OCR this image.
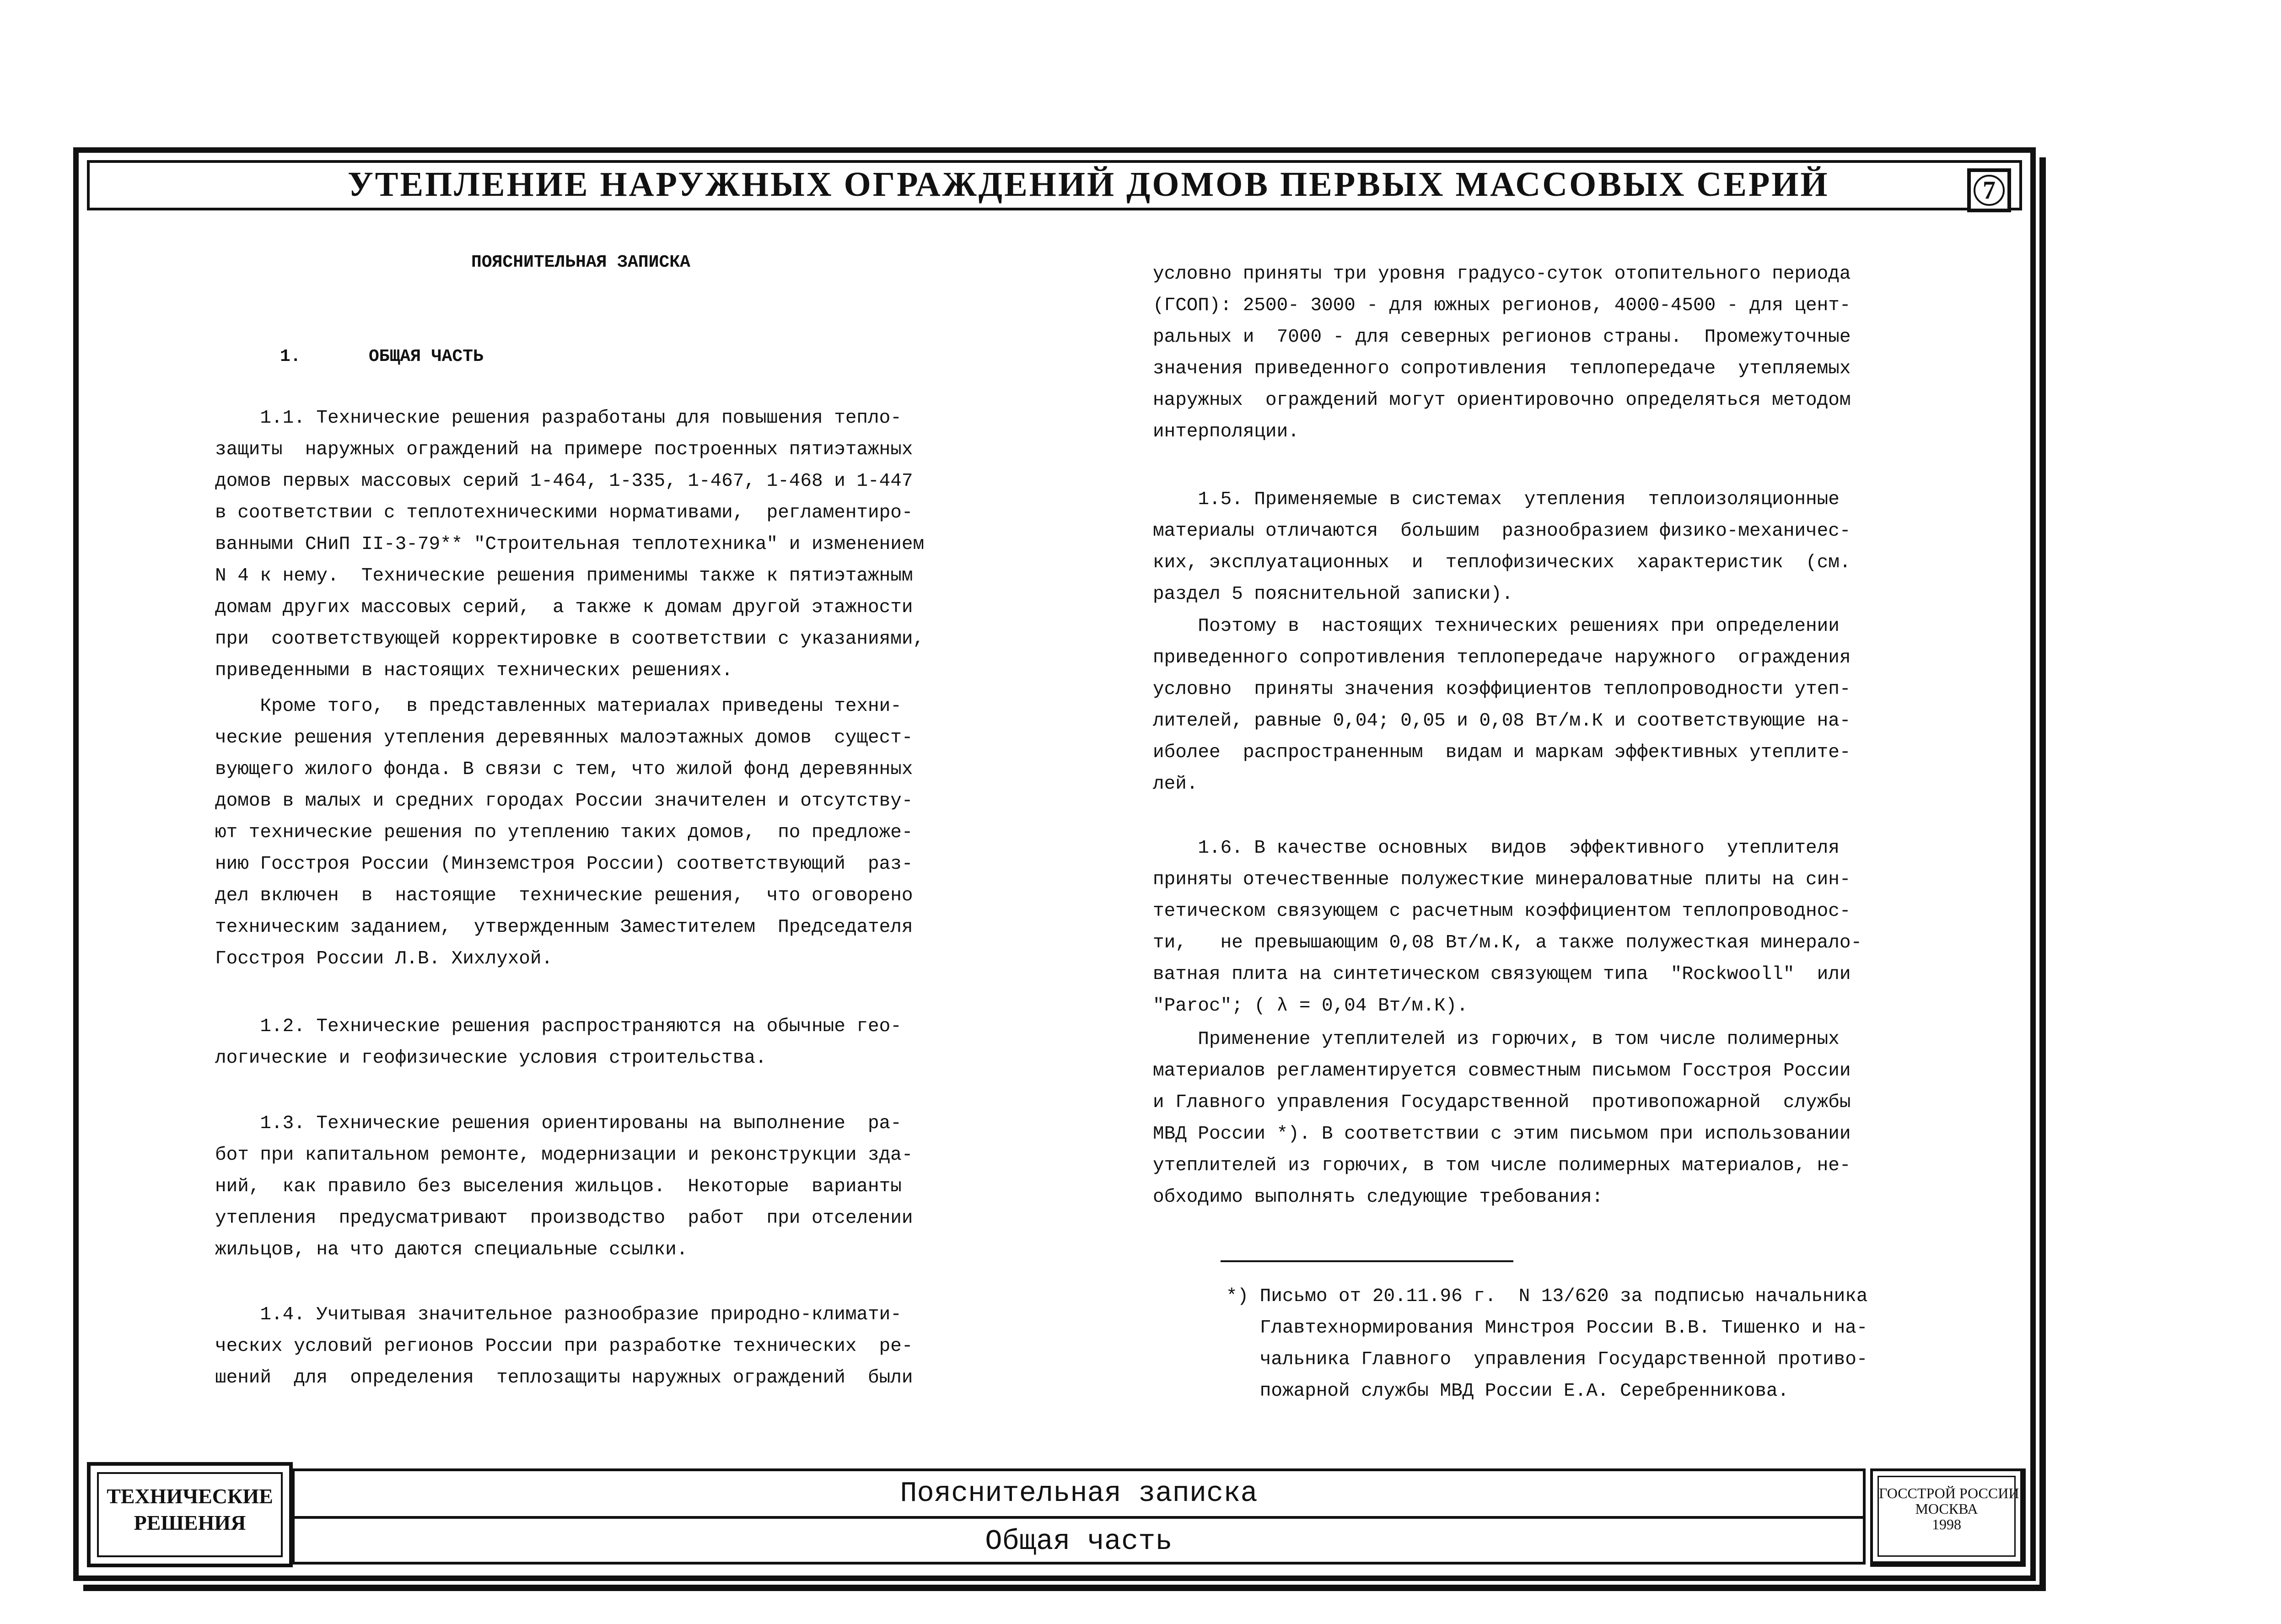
УТЕПЛЕНИЕ НАРУЖНЫХ ОГРАЖДЕНИЙ ДОМОВ ПЕРВЫХ МАССОВЫХ СЕРИЙ	7
ПОЯСНИТЕЛЬНАЯ ЗАПИСКА
1.	ОБЩАЯ ЧАСТЬ
1.1. Технические решения разработаны для повышения тепло-
защиты  наружных ограждений на примере построенных пятиэтажных
домов первых массовых серий 1-464, 1-335, 1-467, 1-468 и 1-447
в соответствии с теплотехническими нормативами,  регламентиро-
ванными СНиП II-3-79** "Строительная теплотехника" и изменением
N 4 к нему.  Технические решения применимы также к пятиэтажным
домам других массовых серий,  а также к домам другой этажности
при  соответствующей корректировке в соответствии с указаниями,
приведенными в настоящих технических решениях.
Кроме того,  в представленных материалах приведены техни-
ческие решения утепления деревянных малоэтажных домов  сущест-
вующего жилого фонда. В связи с тем, что жилой фонд деревянных
домов в малых и средних городах России значителен и отсутству-
ют технические решения по утеплению таких домов,  по предложе-
нию Госстроя России (Минземстроя России) соответствующий  раз-
дел включен  в  настоящие  технические решения,  что оговорено
техническим заданием,  утвержденным Заместителем  Председателя
Госстроя России Л.В. Хихлухой.
1.2. Технические решения распространяются на обычные гео-
логические и геофизические условия строительства.
1.3. Технические решения ориентированы на выполнение  ра-
бот при капитальном ремонте, модернизации и реконструкции зда-
ний,  как правило без выселения жильцов.  Некоторые  варианты
утепления  предусматривают  производство  работ  при отселении
жильцов, на что даются специальные ссылки.
1.4. Учитывая значительное разнообразие природно-климати-
ческих условий регионов России при разработке технических  ре-
шений  для  определения  теплозащиты наружных ограждений  были
условно приняты три уровня градусо-суток отопительного периода
(ГСОП): 2500- 3000 - для южных регионов, 4000-4500 - для цент-
ральных и  7000 - для северных регионов страны.  Промежуточные
значения приведенного сопротивления  теплопередаче  утепляемых
наружных  ограждений могут ориентировочно определяться методом
интерполяции.
1.5. Применяемые в системах  утепления  теплоизоляционные
материалы отличаются  большим  разнообразием физико-механичес-
ких, эксплуатационных  и  теплофизических  характеристик  (см.
раздел 5 пояснительной записки).
Поэтому в  настоящих технических решениях при определении
приведенного сопротивления теплопередаче наружного  ограждения
условно  приняты значения коэффициентов теплопроводности утеп-
лителей, равные 0,04; 0,05 и 0,08 Вт/м.К и соответствующие на-
иболее  распространенным  видам и маркам эффективных утеплите-
лей.
1.6. В качестве основных  видов  эффективного  утеплителя
приняты отечественные полужесткие минераловатные плиты на син-
тетическом связующем с расчетным коэффициентом теплопроводнос-
ти,   не превышающим 0,08 Вт/м.К, а также полужесткая минерало-
ватная плита на синтетическом связующем типа  "Rockwooll"  или
"Paroc"; ( λ = 0,04 Вт/м.К).
Применение утеплителей из горючих, в том числе полимерных
материалов регламентируется совместным письмом Госстроя России
и Главного управления Государственной  противопожарной  службы
МВД России *). В соответствии с этим письмом при использовании
утеплителей из горючих, в том числе полимерных материалов, не-
обходимо выполнять следующие требования:
*) Письмо от 20.11.96 г.  N 13/620 за подписью начальника
Главтехнормирования Минстроя России В.В. Тишенко и на-
чальника Главного  управления Государственной противо-
пожарной службы МВД России Е.А. Серебренникова.
ТЕХНИЧЕСКИЕ РЕШЕНИЯ
Пояснительная записка
Общая часть
ГОССТРОЙ РОССИИ
МОСКВА
1998
